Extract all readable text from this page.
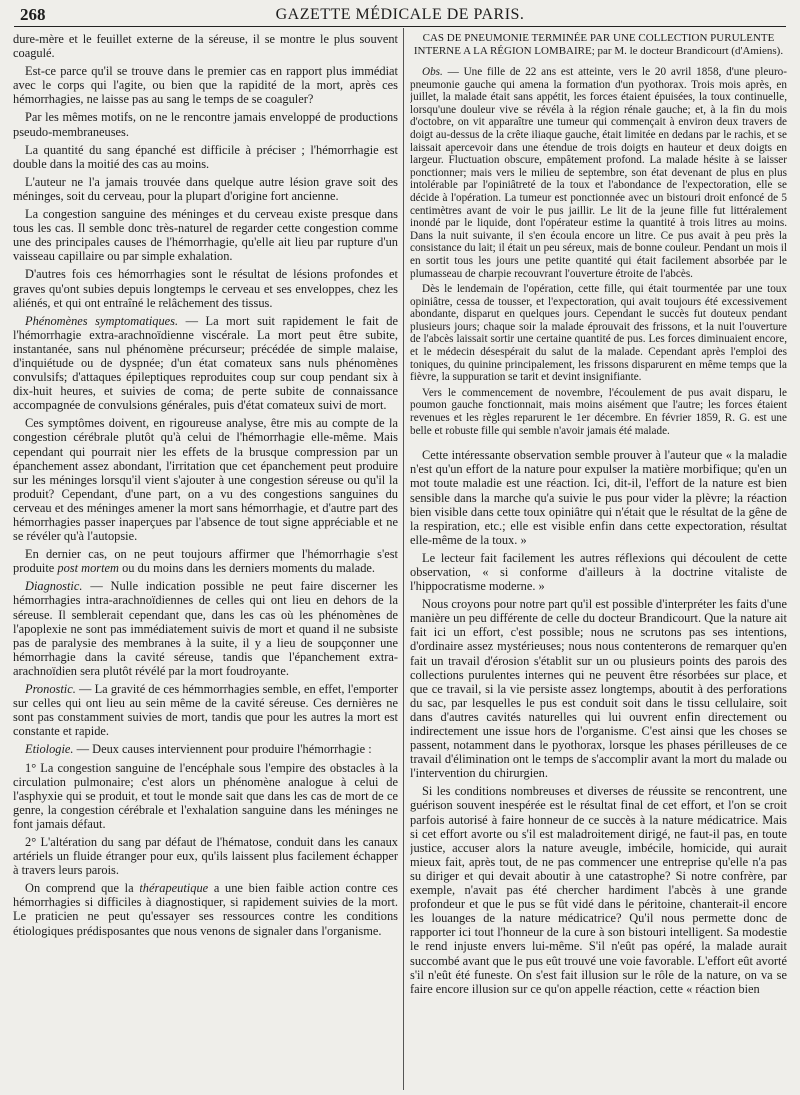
268	GAZETTE MÉDICALE DE PARIS.

dure-mère et le feuillet externe de la séreuse, il se montre le plus souvent coagulé.

Est-ce parce qu'il se trouve dans le premier cas en rapport plus immédiat avec le corps qui l'agite, ou bien que la rapidité de la mort, après ces hémorrhagies, ne laisse pas au sang le temps de se coaguler?

Par les mêmes motifs, on ne le rencontre jamais enveloppé de productions pseudo-membraneuses.

La quantité du sang épanché est difficile à préciser ; l'hémorrhagie est double dans la moitié des cas au moins.

L'auteur ne l'a jamais trouvée dans quelque autre lésion grave soit des méninges, soit du cerveau, pour la plupart d'origine fort ancienne.

La congestion sanguine des méninges et du cerveau existe presque dans tous les cas. Il semble donc très-naturel de regarder cette congestion comme une des principales causes de l'hémorrhagie, qu'elle ait lieu par rupture d'un vaisseau capillaire ou par simple exhalation.

D'autres fois ces hémorrhagies sont le résultat de lésions profondes et graves qu'ont subies depuis longtemps le cerveau et ses enveloppes, chez les aliénés, et qui ont entraîné le relâchement des tissus.

Phénomènes symptomatiques. — La mort suit rapidement le fait de l'hémorrhagie extra-arachnoïdienne viscérale. La mort peut être subite, instantanée, sans nul phénomène précurseur; précédée de simple malaise, d'inquiétude ou de dyspnée; d'un état comateux sans nuls phénomènes convulsifs; d'attaques épileptiques reproduites coup sur coup pendant six à dix-huit heures, et suivies de coma; de perte subite de connaissance accompagnée de convulsions générales, puis d'état comateux suivi de mort.

Ces symptômes doivent, en rigoureuse analyse, être mis au compte de la congestion cérébrale plutôt qu'à celui de l'hémorrhagie elle-même. Mais cependant qui pourrait nier les effets de la brusque compression par un épanchement assez abondant, l'irritation que cet épanchement peut produire sur les méninges lorsqu'il vient s'ajouter à une congestion séreuse ou qu'il la produit? Cependant, d'une part, on a vu des congestions sanguines du cerveau et des méninges amener la mort sans hémorrhagie, et d'autre part des hémorrhagies passer inaperçues par l'absence de tout signe appréciable et ne se révéler qu'à l'autopsie.

En dernier cas, on ne peut toujours affirmer que l'hémorrhagie s'est produite post mortem ou du moins dans les derniers moments du malade.

Diagnostic. — Nulle indication possible ne peut faire discerner les hémorrhagies intra-arachnoïdiennes de celles qui ont lieu en dehors de la séreuse. Il semblerait cependant que, dans les cas où les phénomènes de l'apoplexie ne sont pas immédiatement suivis de mort et quand il ne subsiste pas de paralysie des membranes à la suite, il y a lieu de soupçonner une hémorrhagie dans la cavité séreuse, tandis que l'épanchement extra-arachnoïdien sera plutôt révélé par la mort foudroyante.

Pronostic. — La gravité de ces hémmorrhagies semble, en effet, l'emporter sur celles qui ont lieu au sein même de la cavité séreuse. Ces dernières ne sont pas constamment suivies de mort, tandis que pour les autres la mort est constante et rapide.

Etiologie. — Deux causes interviennent pour produire l'hémorrhagie :

1° La congestion sanguine de l'encéphale sous l'empire des obstacles à la circulation pulmonaire; c'est alors un phénomène analogue à celui de l'asphyxie qui se produit, et tout le monde sait que dans les cas de mort de ce genre, la congestion cérébrale et l'exhalation sanguine dans les méninges ne font jamais défaut.

2° L'altération du sang par défaut de l'hématose, conduit dans les canaux artériels un fluide étranger pour eux, qu'ils laissent plus facilement échapper à travers leurs parois.

On comprend que la thérapeutique a une bien faible action contre ces hémorrhagies si difficiles à diagnostiquer, si rapidement suivies de la mort. Le praticien ne peut qu'essayer ses ressources contre les conditions étiologiques prédisposantes que nous venons de signaler dans l'organisme.

CAS DE PNEUMONIE TERMINÉE PAR UNE COLLECTION PURULENTE INTERNE A LA RÉGION LOMBAIRE; par M. le docteur Brandicourt (d'Amiens).

Obs. — Une fille de 22 ans est atteinte, vers le 20 avril 1858, d'une pleuro-pneumonie gauche qui amena la formation d'un pyothorax. Trois mois après, en juillet, la malade était sans appétit, les forces étaient épuisées, la toux continuelle, lorsqu'une douleur vive se révéla à la région rénale gauche; et, à la fin du mois d'octobre, on vit apparaître une tumeur qui commençait à environ deux travers de doigt au-dessus de la crête iliaque gauche, était limitée en dedans par le rachis, et se laissait apercevoir dans une étendue de trois doigts en hauteur et deux doigts en largeur. Fluctuation obscure, empâtement profond. La malade hésite à se laisser ponctionner; mais vers le milieu de septembre, son état devenant de plus en plus intolérable par l'opiniâtreté de la toux et l'abondance de l'expectoration, elle se décide à l'opération. La tumeur est ponctionnée avec un bistouri droit enfoncé de 5 centimètres avant de voir le pus jaillir. Le lit de la jeune fille fut littéralement inondé par le liquide, dont l'opérateur estime la quantité à trois litres au moins. Dans la nuit suivante, il s'en écoula encore un litre. Ce pus avait à peu près la consistance du lait; il était un peu séreux, mais de bonne couleur. Pendant un mois il en sortit tous les jours une petite quantité qui était facilement absorbée par le plumasseau de charpie recouvrant l'ouverture étroite de l'abcès.

Dès le lendemain de l'opération, cette fille, qui était tourmentée par une toux opiniâtre, cessa de tousser, et l'expectoration, qui avait toujours été excessivement abondante, disparut en quelques jours. Cependant le succès fut douteux pendant plusieurs jours; chaque soir la malade éprouvait des frissons, et la nuit l'ouverture de l'abcès laissait sortir une certaine quantité de pus. Les forces diminuaient encore, et le médecin désespérait du salut de la malade. Cependant après l'emploi des toniques, du quinine principalement, les frissons disparurent en même temps que la fièvre, la suppuration se tarit et devint insignifiante.

Vers le commencement de novembre, l'écoulement de pus avait disparu, le poumon gauche fonctionnait, mais moins aisément que l'autre; les forces étaient revenues et les règles reparurent le 1er décembre. En février 1859, R. G. est une belle et robuste fille qui semble n'avoir jamais été malade.

Cette intéressante observation semble prouver à l'auteur que « la maladie n'est qu'un effort de la nature pour expulser la matière morbifique; qu'en un mot toute maladie est une réaction. Ici, dit-il, l'effort de la nature est bien sensible dans la marche qu'a suivie le pus pour vider la plèvre; la réaction bien visible dans cette toux opiniâtre qui n'était que le résultat de la gêne de la respiration, etc.; elle est visible enfin dans cette expectoration, résultat elle-même de la toux. »

Le lecteur fait facilement les autres réflexions qui découlent de cette observation, « si conforme d'ailleurs à la doctrine vitaliste de l'hippocratisme moderne. »

Nous croyons pour notre part qu'il est possible d'interpréter les faits d'une manière un peu différente de celle du docteur Brandicourt. Que la nature ait fait ici un effort, c'est possible; nous ne scrutons pas ses intentions, d'ordinaire assez mystérieuses; nous nous contenterons de remarquer qu'en fait un travail d'érosion s'établit sur un ou plusieurs points des parois des collections purulentes internes qui ne peuvent être résorbées sur place, et que ce travail, si la vie persiste assez longtemps, aboutit à des perforations du sac, par lesquelles le pus est conduit soit dans le tissu cellulaire, soit dans d'autres cavités naturelles qui lui ouvrent enfin directement ou indirectement une issue hors de l'organisme. C'est ainsi que les choses se passent, notamment dans le pyothorax, lorsque les phases périlleuses de ce travail d'élimination ont le temps de s'accomplir avant la mort du malade ou l'intervention du chirurgien.

Si les conditions nombreuses et diverses de réussite se rencontrent, une guérison souvent inespérée est le résultat final de cet effort, et l'on se croit parfois autorisé à faire honneur de ce succès à la nature médicatrice. Mais si cet effort avorte ou s'il est maladroitement dirigé, ne faut-il pas, en toute justice, accuser alors la nature aveugle, imbécile, homicide, qui aurait mieux fait, après tout, de ne pas commencer une entreprise qu'elle n'a pas su diriger et qui devait aboutir à une catastrophe? Si notre confrère, par exemple, n'avait pas été chercher hardiment l'abcès à une grande profondeur et que le pus se fût vidé dans le péritoine, chanterait-il encore les louanges de la nature médicatrice? Qu'il nous permette donc de rapporter ici tout l'honneur de la cure à son bistouri intelligent. Sa modestie le rend injuste envers lui-même. S'il n'eût pas opéré, la malade aurait succombé avant que le pus eût trouvé une voie favorable. L'effort eût avorté s'il n'eût été funeste. On s'est fait illusion sur le rôle de la nature, on va se faire encore illusion sur ce qu'on appelle réaction, cette « réaction bien
